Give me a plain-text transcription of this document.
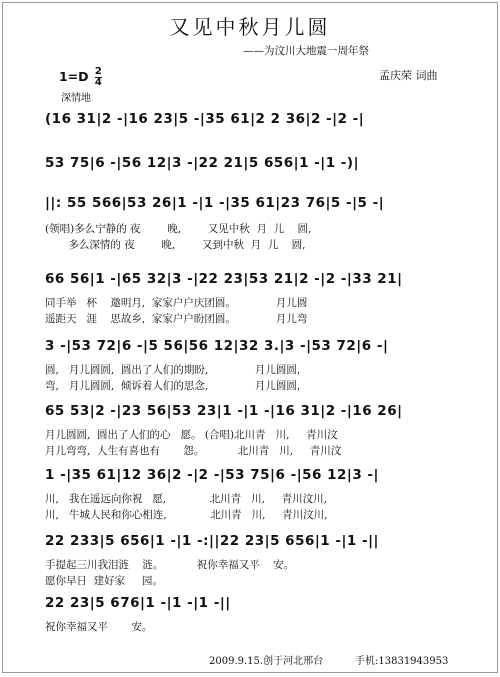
又见中秋月儿圆
——为汶川大地震一周年祭
$1=D \frac{2}{4}$
深情地
孟庆荣 词曲
(16 31|2 -|16 23|5 -|35 61|2 2 36|2 -|2 -|
53 75|6 -|56 12|3 -|22 21|5 656|1 -|1 -)|
||: 55 566|53 26|1 -|1 -|35 61|23 76|5 -|5 -|
(领唱)多么宁静的 夜        晚,        又见中秋  月  儿    圆,
多么深情的 夜        晚,        又到中秋  月  儿    圆,
66 56|1 -|65 32|3 -|22 23|53 21|2 -|2 -|33 21|
同手举   杯    邀明月,  家家户户庆团圆。            月儿圆
遥距天   涯    思故乡,  家家户户盼团圆。            月儿弯
3 -|53 72|6 -|5 56|56 12|32 3.|3 -|53 72|6 -|
圆,   月儿圆圆,  圆出了人们的期盼,              月儿圆圆,
弯,   月儿圆圆,  倾诉着人们的思念,              月儿圆圆,
65 53|2 -|23 56|53 23|1 -|1 -|16 31|2 -|16 26|
月儿圆圆,  圆出了人们的心   愿。 (合唱)北川青   川,     青川汶
月儿弯弯,  人生有喜也有       怨。          北川青   川,     青川汶
1 -|35 61|12 36|2 -|2 -|53 75|6 -|56 12|3 -|
川,   我在遥远向你祝   愿,             北川青   川,     青川汶川,
川,   牛城人民和你心相连,             北川青   川,     青川汶川,
22 233|5 656|1 -|1 -:||22 23|5 656|1 -|1 -||
手提起三川我泪涟    涟。          祝你幸福又平    安。
愿你早日  建好家     园。
22 23|5 676|1 -|1 -|1 -||
祝你幸福又平       安。
2009.9.15.创于河北邢台	手机:13831943953
